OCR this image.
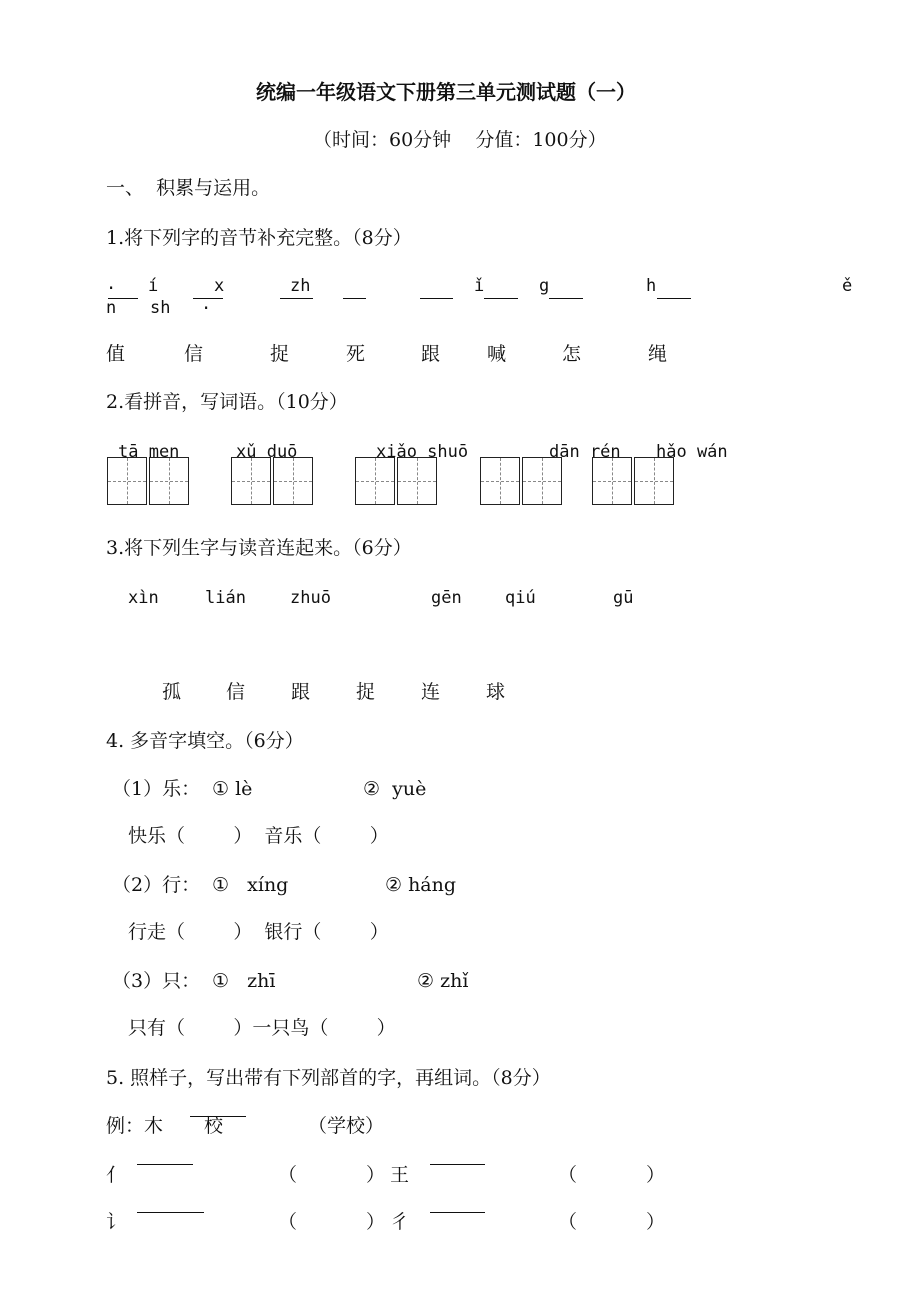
统编一年级语文下册第三单元测试题（一）
（时间：60分钟    分值：100分）
一、  积累与运用。
1.将下列字的音节补充完整。（8分）
. í	x	zh	ǐ	g	h	ě
n sh .
值	信	捉	死	跟 喊	怎	绳
2.看拼音，写词语。（10分）
tā men	xǔ duō	xiǎo shuō	dān rén hǎo wán
3.将下列生字与读音连起来。（6分）
xìn	lián	zhuō	gēn	qiú	gū
孤 信 跟 捉 连 球
4. 多音字填空。（6分）
（1）乐： ① lè	②  yuè
快乐（        ）  音乐（        ）
（2）行： ①   xíng	② háng
行走（        ）  银行（        ）
（3）只： ①   zhī	② zhǐ
只有（        ）一只鸟（        ）
5. 照样子，写出带有下列部首的字，再组词。（8分）
例：木 校	（学校）
亻	（	） 王	（	）
讠	（	） 彳	（	）
